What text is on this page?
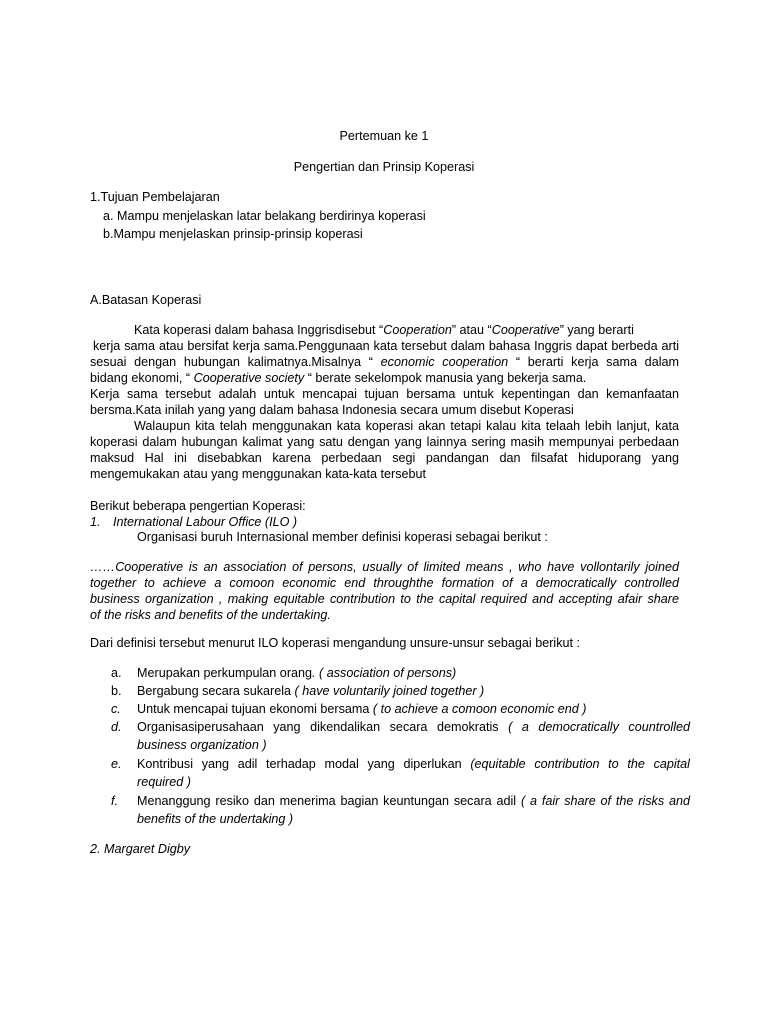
Pertemuan ke 1
Pengertian dan Prinsip Koperasi
1.Tujuan Pembelajaran
a. Mampu menjelaskan latar belakang berdirinya koperasi
b.Mampu menjelaskan prinsip-prinsip koperasi
A.Batasan Koperasi
Kata koperasi dalam bahasa Inggrisdisebut “Cooperation” atau “Cooperative” yang berarti
kerja sama atau bersifat kerja sama.Penggunaan kata tersebut dalam bahasa Inggris dapat berbeda arti
sesuai dengan hubungan kalimatnya.Misalnya “ economic cooperation “ berarti kerja sama dalam
bidang ekonomi, “ Cooperative society “ berate sekelompok manusia yang bekerja sama.
Kerja sama tersebut adalah untuk mencapai tujuan bersama untuk kepentingan dan kemanfaatan
bersma.Kata inilah yang yang dalam bahasa Indonesia secara umum disebut Koperasi
Walaupun kita telah menggunakan kata koperasi akan tetapi kalau kita telaah lebih lanjut, kata
koperasi dalam hubungan kalimat yang satu dengan yang lainnya sering masih mempunyai perbedaan
maksud Hal ini disebabkan karena perbedaan segi pandangan dan filsafat hiduporang yang
mengemukakan atau yang menggunakan kata-kata tersebut
Berikut beberapa pengertian Koperasi:
1. International Labour Office (ILO )
Organisasi buruh Internasional member definisi koperasi sebagai berikut :
……Cooperative is an association of persons, usually of limited means , who have vollontarily joined
together to achieve a comoon economic end throughthe formation of a democratically controlled
business organization , making equitable contribution to the capital required and accepting afair share
of the risks and benefits of the undertaking.
Dari definisi tersebut menurut ILO koperasi mengandung unsure-unsur sebagai berikut :
a.	Merupakan perkumpulan orang. ( association of persons)
b.	Bergabung secara sukarela ( have voluntarily joined together )
c.	Untuk mencapai tujuan ekonomi bersama ( to achieve a comoon economic end )
d.	Organisasiperusahaan yang dikendalikan secara demokratis ( a democratically countrolled
business organization )
e.	Kontribusi yang adil terhadap modal yang diperlukan (equitable contribution to the capital
required )
f.	Menanggung resiko dan menerima bagian keuntungan secara adil ( a fair share of the risks and
benefits of the undertaking )
2. Margaret Digby
